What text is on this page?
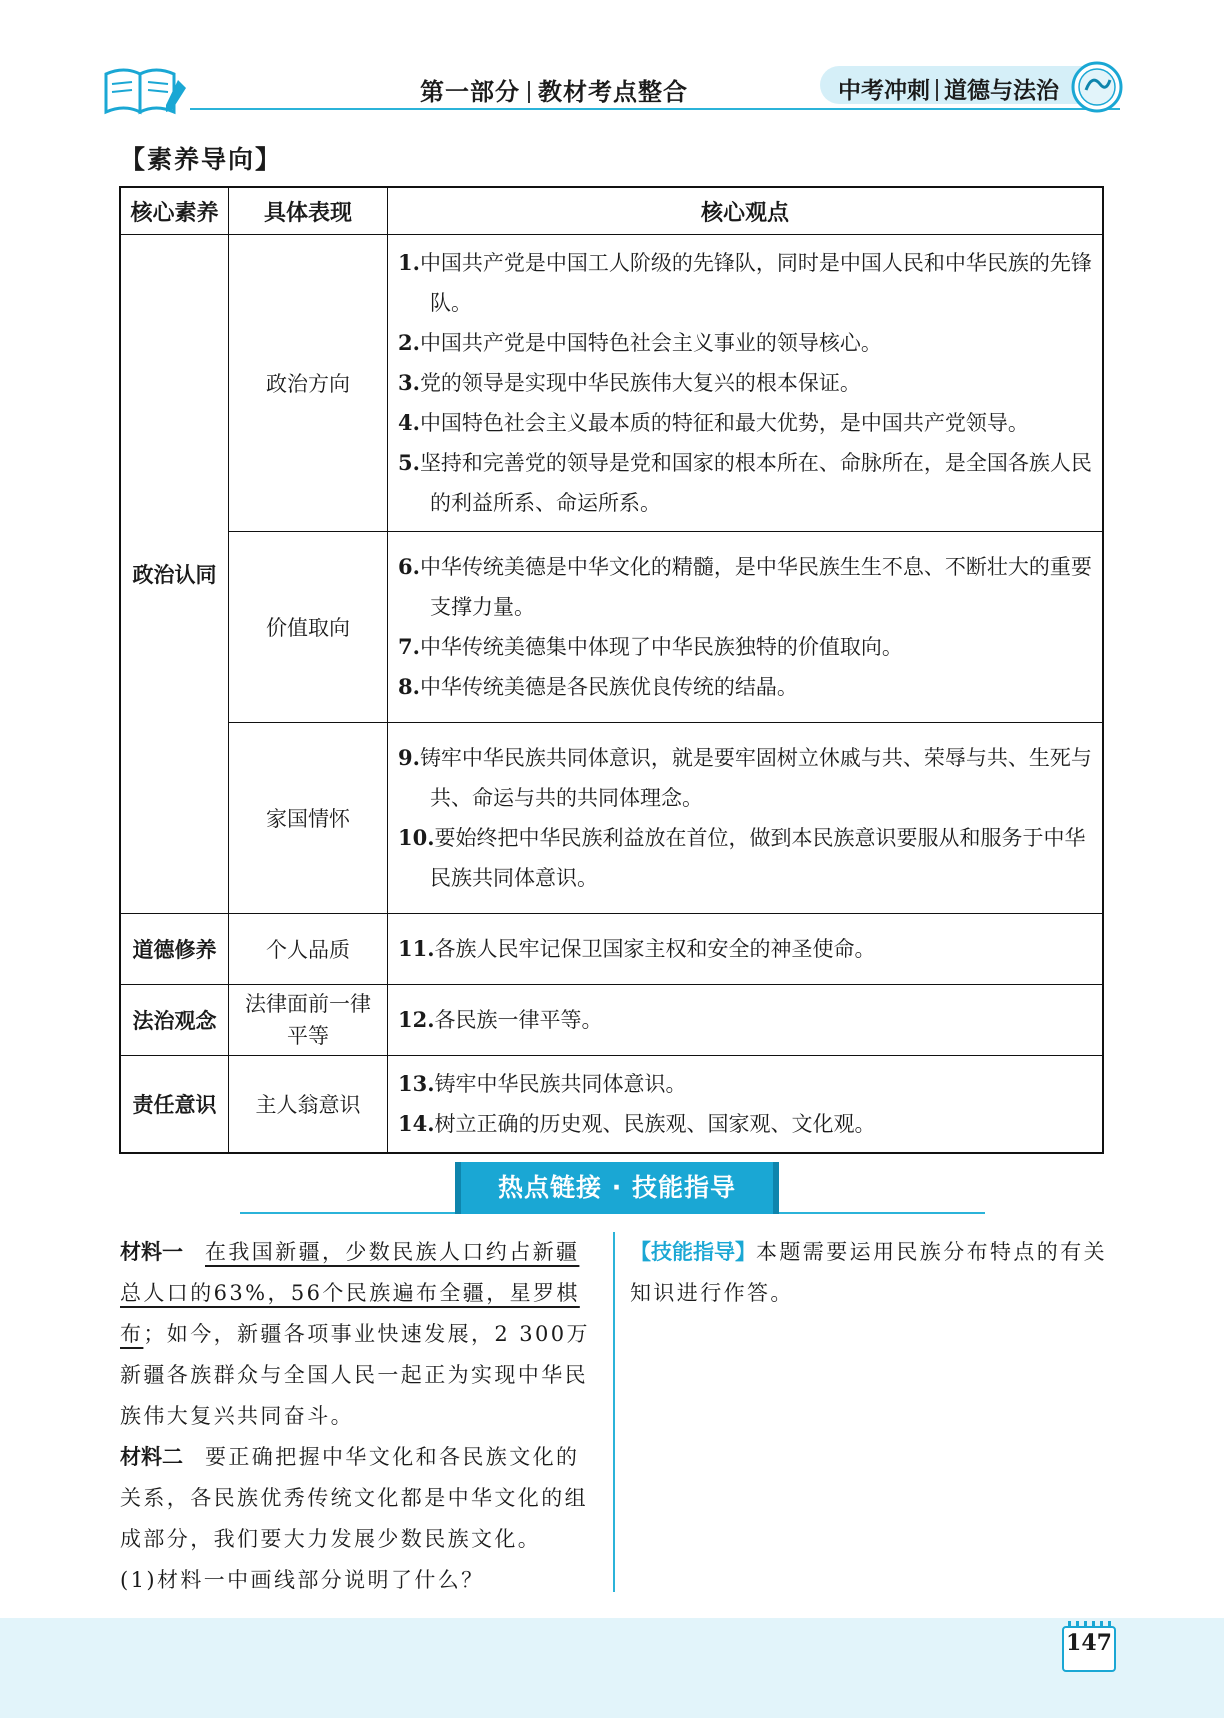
第一部分 教材考点整合	中考冲刺 道德与法治
【素养导向】
核心素养	具体表现	核心观点
政治认同	政治方向	1.中国共产党是中国工人阶级的先锋队，同时是中国人民和中华民族的先锋队。
2.中国共产党是中国特色社会主义事业的领导核心。
3.党的领导是实现中华民族伟大复兴的根本保证。
4.中国特色社会主义最本质的特征和最大优势，是中国共产党领导。
5.坚持和完善党的领导是党和国家的根本所在、命脉所在，是全国各族人民的利益所系、命运所系。

	价值取向	6.中华传统美德是中华文化的精髓，是中华民族生生不息、不断壮大的重要支撑力量。
7.中华传统美德集中体现了中华民族独特的价值取向。
8.中华传统美德是各民族优良传统的结晶。

	家国情怀	9.铸牢中华民族共同体意识，就是要牢固树立休戚与共、荣辱与共、生死与共、命运与共的共同体理念。
10.要始终把中华民族利益放在首位，做到本民族意识要服从和服务于中华民族共同体意识。

道德修养	个人品质	11.各族人民牢记保卫国家主权和安全的神圣使命。

法治观念	法律面前一律平等	12.各民族一律平等。

责任意识	主人翁意识	13.铸牢中华民族共同体意识。
14.树立正确的历史观、民族观、国家观、文化观。
热点链接 · 技能指导

材料一 在我国新疆，少数民族人口约占新疆总人口的63%，56个民族遍布全疆，星罗棋布；如今，新疆各项事业快速发展，2 300万新疆各族群众与全国人民一起正为实现中华民族伟大复兴共同奋斗。

材料二 要正确把握中华文化和各民族文化的关系，各民族优秀传统文化都是中华文化的组成部分，我们要大力发展少数民族文化。

(1)材料一中画线部分说明了什么？

【技能指导】本题需要运用民族分布特点的有关知识进行作答。

147
